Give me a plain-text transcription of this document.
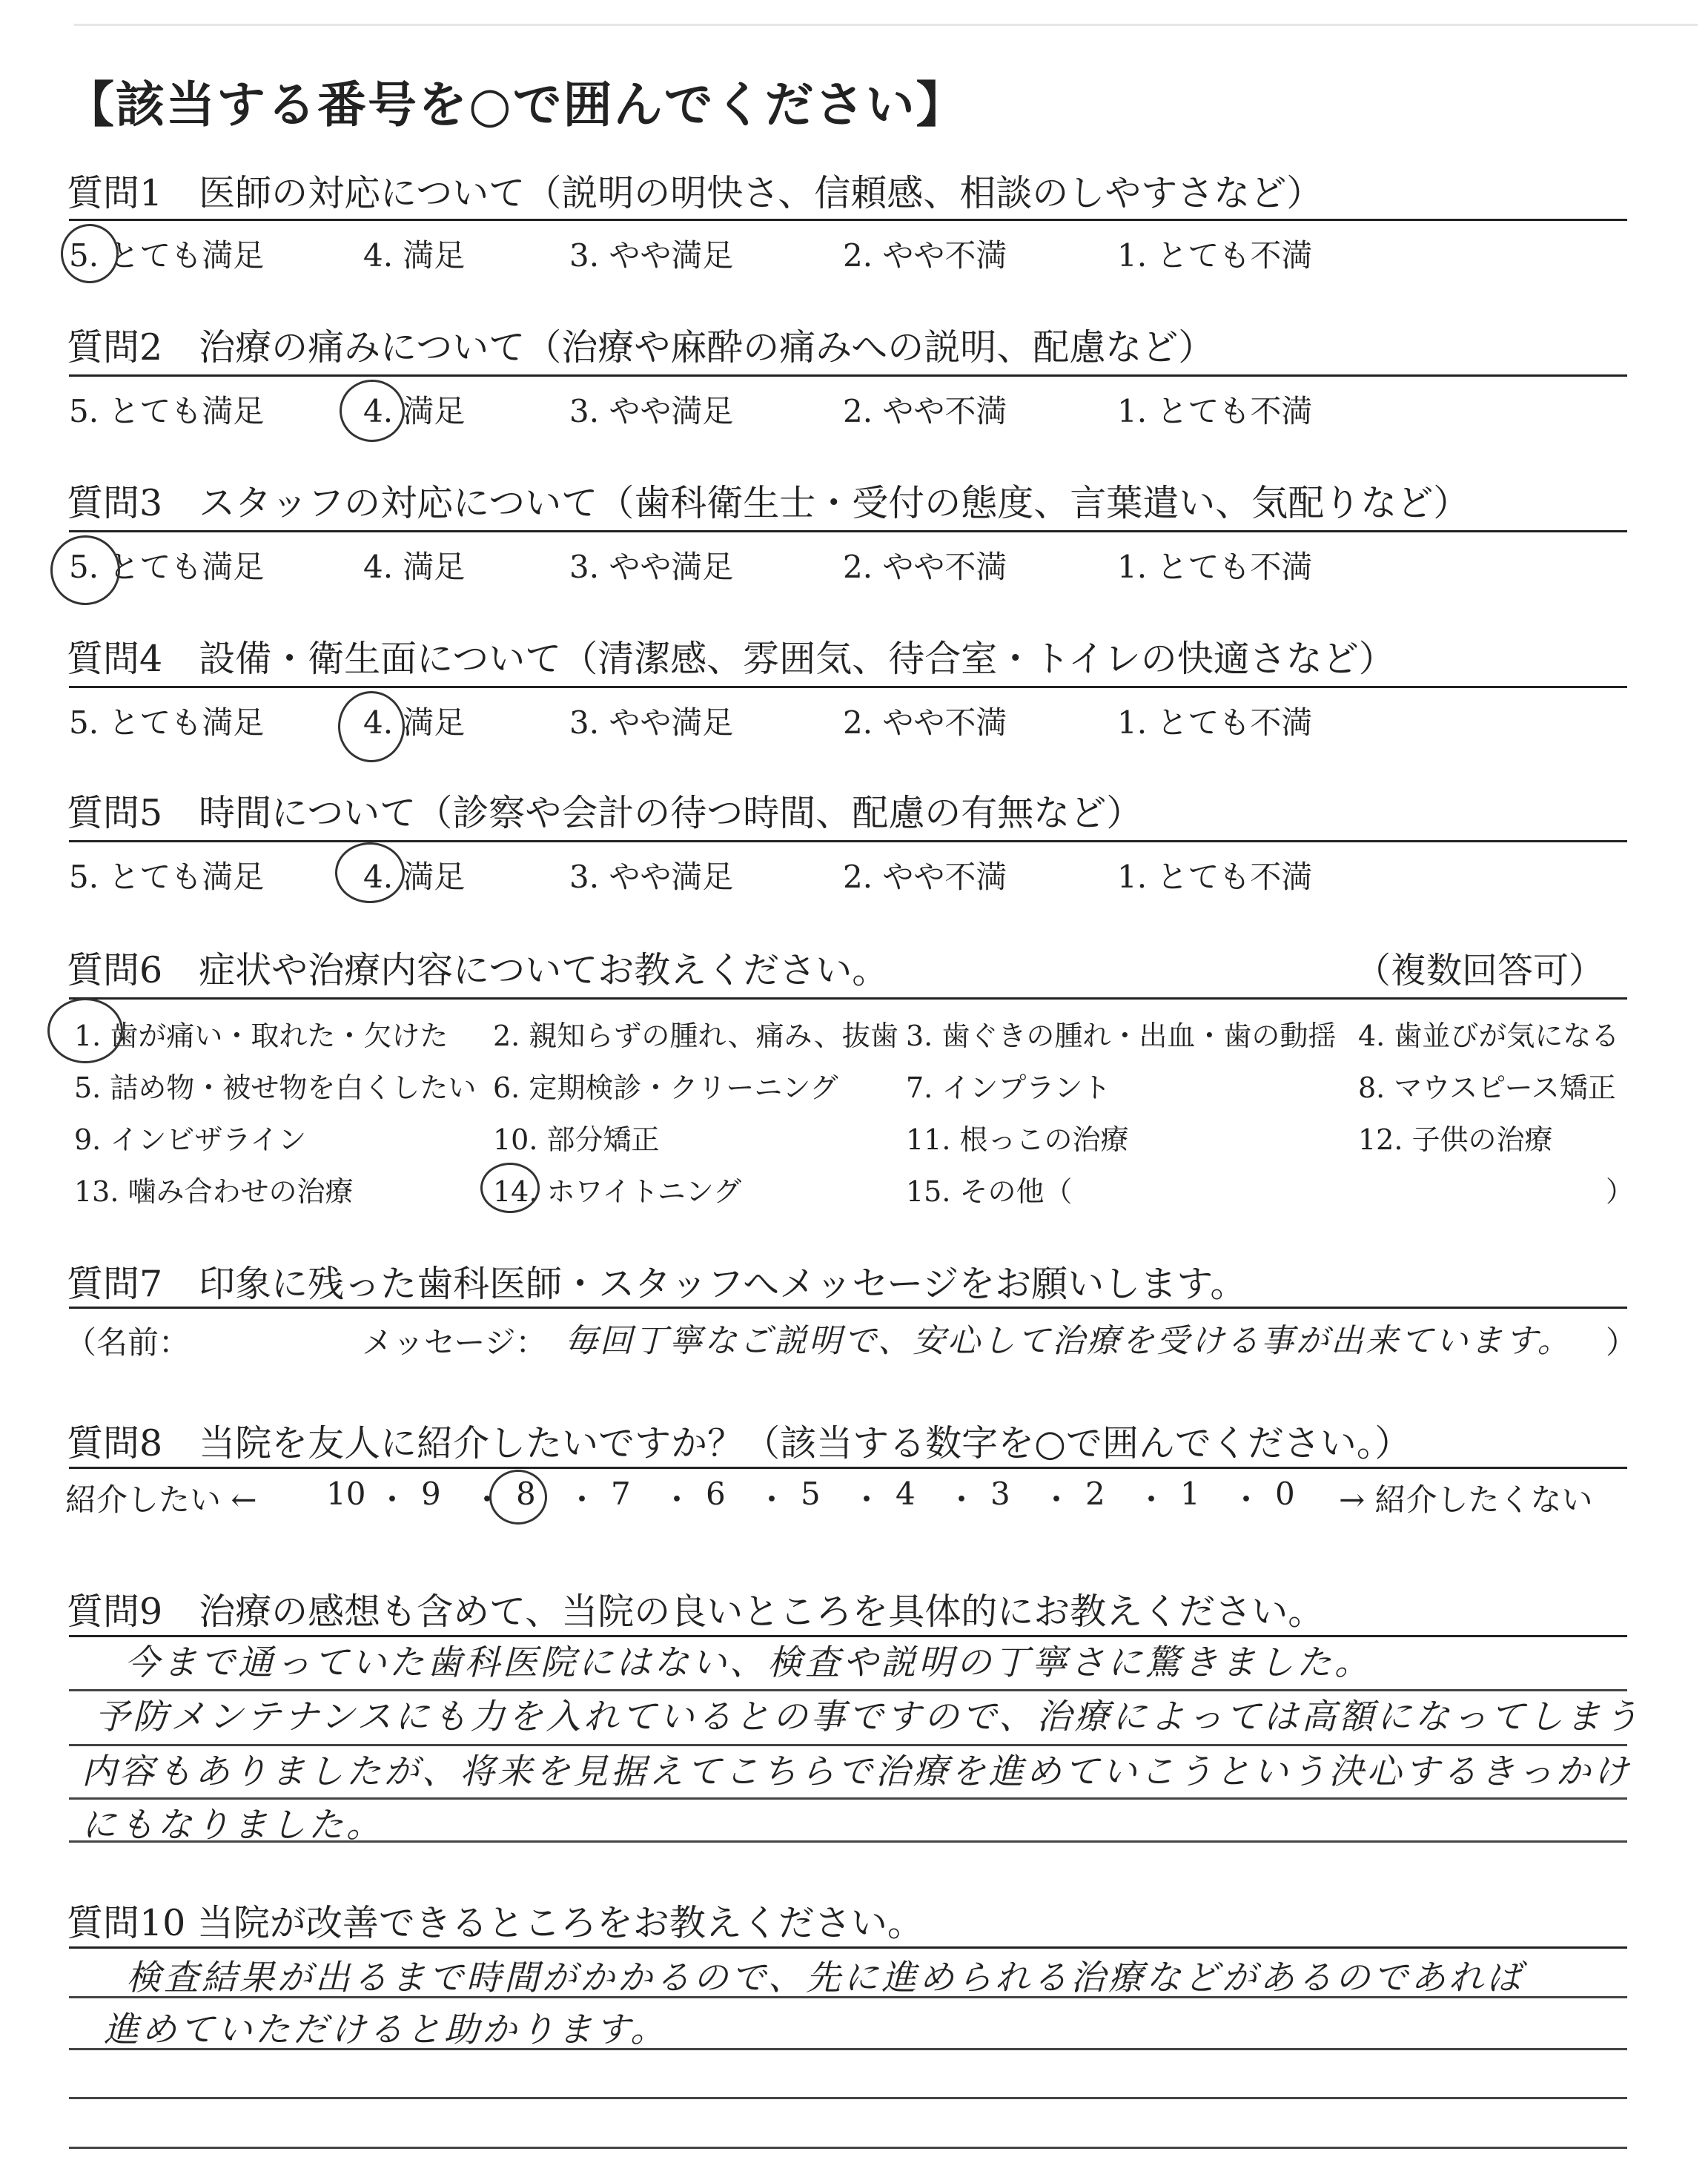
【該当する番号を○で囲んでください】
質問1　医師の対応について（説明の明快さ、信頼感、相談のしやすさなど）
5. とても満足	4. 満足	3. やや満足	2. やや不満	1. とても不満
質問2　治療の痛みについて（治療や麻酔の痛みへの説明、配慮など）
5. とても満足	4. 満足	3. やや満足	2. やや不満	1. とても不満
質問3　スタッフの対応について（歯科衛生士・受付の態度、言葉遣い、気配りなど）
5. とても満足	4. 満足	3. やや満足	2. やや不満	1. とても不満
質問4　設備・衛生面について（清潔感、雰囲気、待合室・トイレの快適さなど）
5. とても満足	4. 満足	3. やや満足	2. やや不満	1. とても不満
質問5　時間について（診察や会計の待つ時間、配慮の有無など）
5. とても満足	4. 満足	3. やや満足	2. やや不満	1. とても不満
質問6　症状や治療内容についてお教えください。	（複数回答可）
1. 歯が痛い・取れた・欠けた 2. 親知らずの腫れ、痛み、抜歯 3. 歯ぐきの腫れ・出血・歯の動揺 4. 歯並びが気になる
5. 詰め物・被せ物を白くしたい 6. 定期検診・クリーニング 7. インプラント	8. マウスピース矯正
9. インビザライン	10. 部分矯正	11. 根っこの治療	12. 子供の治療
13. 噛み合わせの治療	14. ホワイトニング	15. その他（	）
質問7　印象に残った歯科医師・スタッフへメッセージをお願いします。
（名前：	メッセージ： 毎回丁寧なご説明で、安心して治療を受ける事が出来ています。 ）
質問8　当院を友人に紹介したいですか？（該当する数字を○で囲んでください。）
紹介したい ←	→ 紹介したくない
10 ・ 9 ・ 8 ・ 7 ・ 6 ・ 5 ・ 4 ・ 3 ・ 2 ・ 1 ・ 0
質問9　治療の感想も含めて、当院の良いところを具体的にお教えください。
今まで通っていた歯科医院にはない、検査や説明の丁寧さに驚きました。
予防メンテナンスにも力を入れているとの事ですので、治療によっては高額になってしまう
内容もありましたが、将来を見据えてこちらで治療を進めていこうという決心するきっかけ
にもなりました。
質問10 当院が改善できるところをお教えください。
検査結果が出るまで時間がかかるので、先に進められる治療などがあるのであれば
進めていただけると助かります。
